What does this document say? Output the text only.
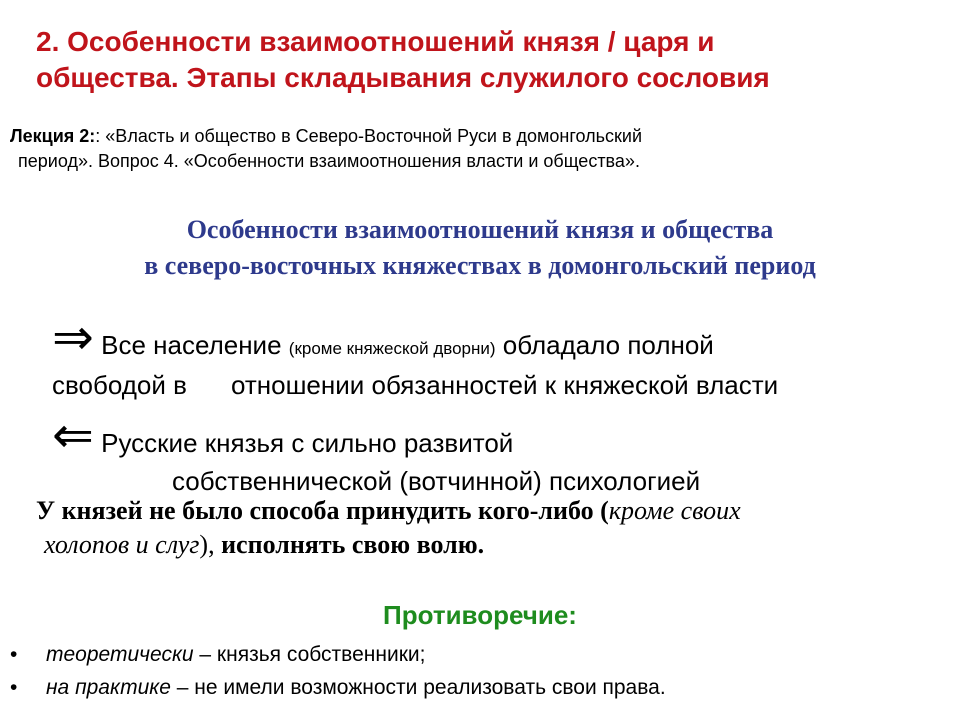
2. Особенности взаимоотношений князя / царя и
общества. Этапы складывания служилого сословия
Лекция 2:: «Власть и общество в Северо-Восточной Руси в домонгольский
период». Вопрос 4. «Особенности взаимоотношения власти и общества».
Особенности взаимоотношений князя и общества
в северо-восточных княжествах в домонгольский период
⇒ Все население (кроме княжеской дворни) обладало полной
свободой в отношении обязанностей к княжеской власти
⇐ Русские князья с сильно развитой
собственнической (вотчинной) психологией
У князей не было способа принудить кого-либо (кроме своих
холопов и слуг), исполнять свою волю.
Противоречие:
•	теоретически – князья собственники;
•	на практике – не имели возможности реализовать свои права.
